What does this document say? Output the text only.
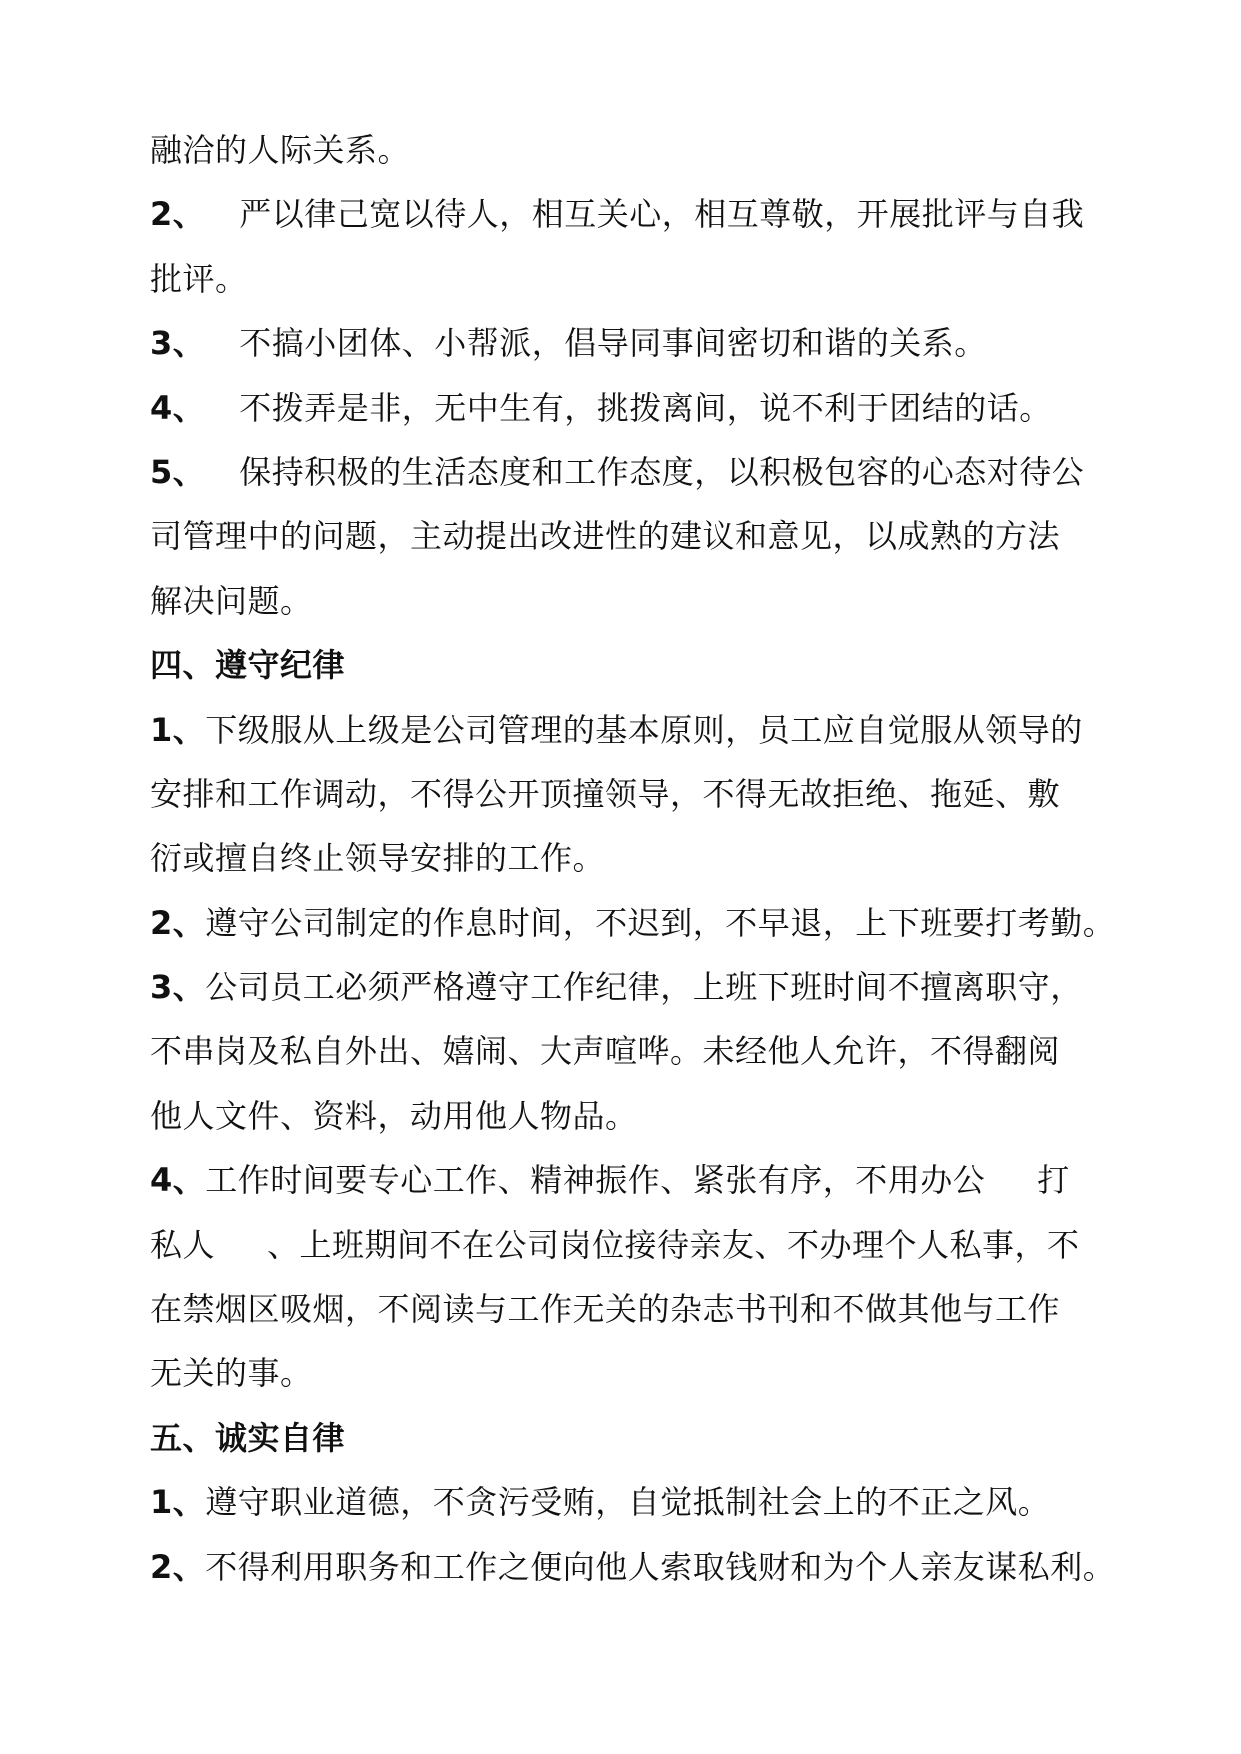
融洽的人际关系。
2、 严以律己宽以待人，相互关心，相互尊敬，开展批评与自我
批评。
3、 不搞小团体、小帮派，倡导同事间密切和谐的关系。
4、 不拨弄是非，无中生有，挑拨离间，说不利于团结的话。
5、 保持积极的生活态度和工作态度，以积极包容的心态对待公
司管理中的问题，主动提出改进性的建议和意见，以成熟的方法
解决问题。
四、遵守纪律
1、下级服从上级是公司管理的基本原则，员工应自觉服从领导的
安排和工作调动，不得公开顶撞领导，不得无故拒绝、拖延、敷
衍或擅自终止领导安排的工作。
2、遵守公司制定的作息时间，不迟到，不早退，上下班要打考勤。
3、公司员工必须严格遵守工作纪律，上班下班时间不擅离职守，
不串岗及私自外出、嬉闹、大声喧哗。未经他人允许，不得翻阅
他人文件、资料，动用他人物品。
4、工作时间要专心工作、精神振作、紧张有序，不用办公 打
私人 、上班期间不在公司岗位接待亲友、不办理个人私事，不
在禁烟区吸烟，不阅读与工作无关的杂志书刊和不做其他与工作
无关的事。
五、诚实自律
1、遵守职业道德，不贪污受贿，自觉抵制社会上的不正之风。
2、不得利用职务和工作之便向他人索取钱财和为个人亲友谋私利。
